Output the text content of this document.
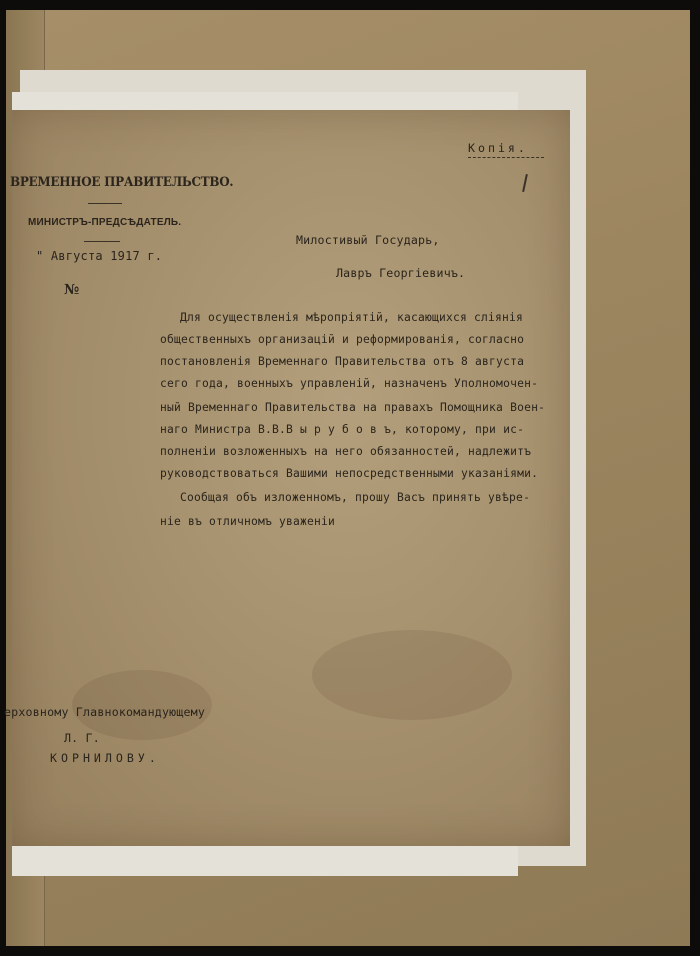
ВРЕМЕННОЕ ПРАВИТЕЛЬСТВО.
МИНИСТРЪ-ПРЕДСѢДАТЕЛЬ.
" Августа 1917 г.
№
Копія.
Милостивый Государь,
Лавръ Георгіевичъ.
Для осуществленія мѣропріятій, касающихся слiянія
общественныхъ организацій и реформированія, согласно
постановленія Временнаго Правительства отъ 8 августа
сего года, военныхъ управленій, назначенъ Уполномочен-
ный Временнаго Правительства на правахъ Помощника Воен-
наго Министра В.В.В ы р у б о в ъ, которому, при ис-
полненіи возложенныхъ на него обязанностей, надлежитъ
руководствоваться Вашими непосредственными указаніями.
Сообщая объ изложенномъ, прошу Васъ принять увѣре-
ніе въ отличномъ уваженіи
ерховному Главнокомандующему
Л. Г.
КОРНИЛОВУ.
